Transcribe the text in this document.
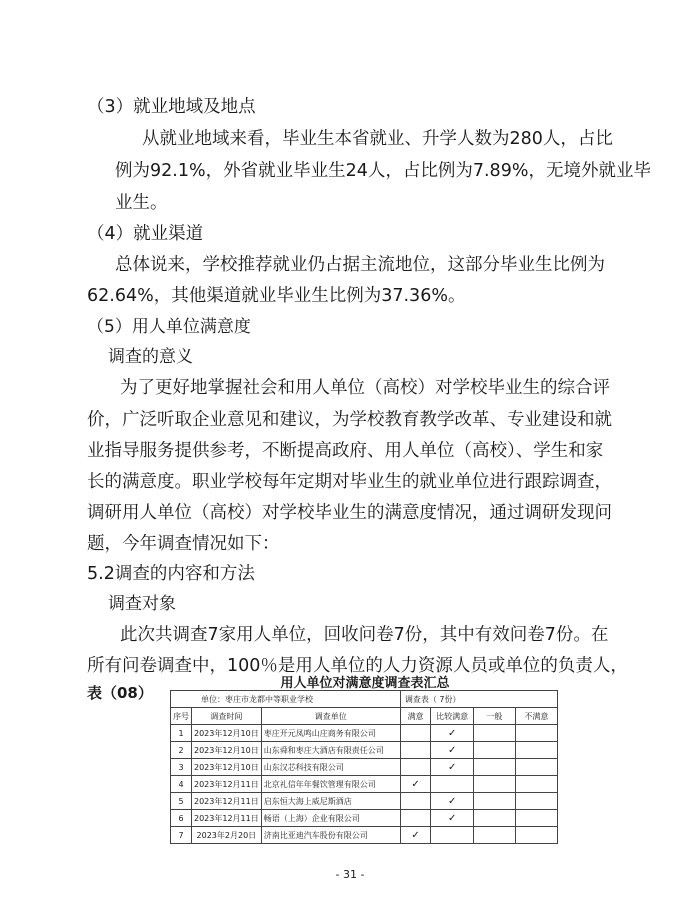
（3）就业地域及地点
从就业地域来看，毕业生本省就业、升学人数为280人，占比
例为92.1%，外省就业毕业生24人，占比例为7.89%，无境外就业毕
业生。
（4）就业渠道
总体说来，学校推荐就业仍占据主流地位，这部分毕业生比例为
62.64%，其他渠道就业毕业生比例为37.36%。
（5）用人单位满意度
调查的意义
为了更好地掌握社会和用人单位（高校）对学校毕业生的综合评
价，广泛听取企业意见和建议，为学校教育教学改革、专业建设和就
业指导服务提供参考，不断提高政府、用人单位（高校）、学生和家
长的满意度。职业学校每年定期对毕业生的就业单位进行跟踪调查，
调研用人单位（高校）对学校毕业生的满意度情况，通过调研发现问
题，今年调查情况如下：
5.2调查的内容和方法
调查对象
此次共调查7家用人单位，回收问卷7份，其中有效问卷7份。在
所有问卷调查中，100％是用人单位的人力资源人员或单位的负责人，
表（08）
用人单位对满意度调查表汇总
单位：枣庄市龙都中等职业学校			调查表（ 7份）			
序号	调查时间	调查单位	满意	比较满意	一般	不满意
1	2023年12月10日	枣庄开元凤鸣山庄商务有限公司		✓		
2	2023年12月10日	山东舜和枣庄大酒店有限责任公司		✓		
3	2023年12月10日	山东汉芯科技有限公司		✓		
4	2023年12月11日	北京礼信年年餐饮管理有限公司	✓			
5	2023年12月11日	启东恒大海上威尼斯酒店		✓		
6	2023年12月11日	畅语（上海）企业有限公司		✓		
7	2023年2月20日	济南比亚迪汽车股份有限公司	✓			
- 31 -
